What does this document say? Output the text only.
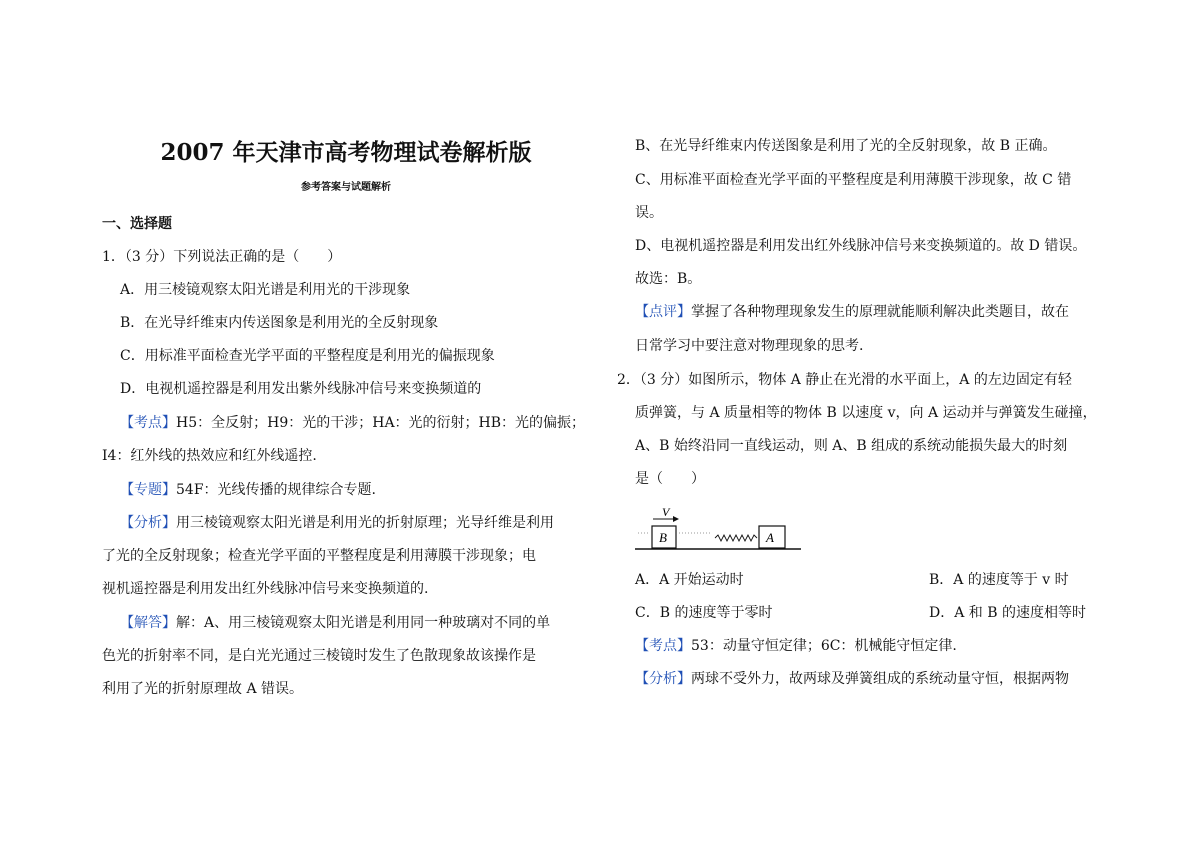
2007 年天津市高考物理试卷解析版
参考答案与试题解析
一、选择题
1．（3 分）下列说法正确的是（　　）
A．用三棱镜观察太阳光谱是利用光的干涉现象
B．在光导纤维束内传送图象是利用光的全反射现象
C．用标准平面检查光学平面的平整程度是利用光的偏振现象
D．电视机遥控器是利用发出紫外线脉冲信号来变换频道的
【考点】H5：全反射；H9：光的干涉；HA：光的衍射；HB：光的偏振；
I4：红外线的热效应和红外线遥控.
【专题】54F：光线传播的规律综合专题.
【分析】用三棱镜观察太阳光谱是利用光的折射原理；光导纤维是利用
了光的全反射现象；检查光学平面的平整程度是利用薄膜干涉现象；电
视机遥控器是利用发出红外线脉冲信号来变换频道的.
【解答】解：A、用三棱镜观察太阳光谱是利用同一种玻璃对不同的单
色光的折射率不同，是白光光通过三棱镜时发生了色散现象故该操作是
利用了光的折射原理故 A 错误。
B、在光导纤维束内传送图象是利用了光的全反射现象，故 B 正确。
C、用标准平面检查光学平面的平整程度是利用薄膜干涉现象，故 C 错
误。
D、电视机遥控器是利用发出红外线脉冲信号来变换频道的。故 D 错误。
故选：B。
【点评】掌握了各种物理现象发生的原理就能顺利解决此类题目，故在
日常学习中要注意对物理现象的思考.
2．（3 分）如图所示，物体 A 静止在光滑的水平面上，A 的左边固定有轻
质弹簧，与 A 质量相等的物体 B 以速度 v，向 A 运动并与弹簧发生碰撞，
A、B 始终沿同一直线运动，则 A、B 组成的系统动能损失最大的时刻
是（　　）
V
B	A
A．A 开始运动时	B．A 的速度等于 v 时
C．B 的速度等于零时	D．A 和 B 的速度相等时
【考点】53：动量守恒定律；6C：机械能守恒定律.
【分析】两球不受外力，故两球及弹簧组成的系统动量守恒，根据两物
